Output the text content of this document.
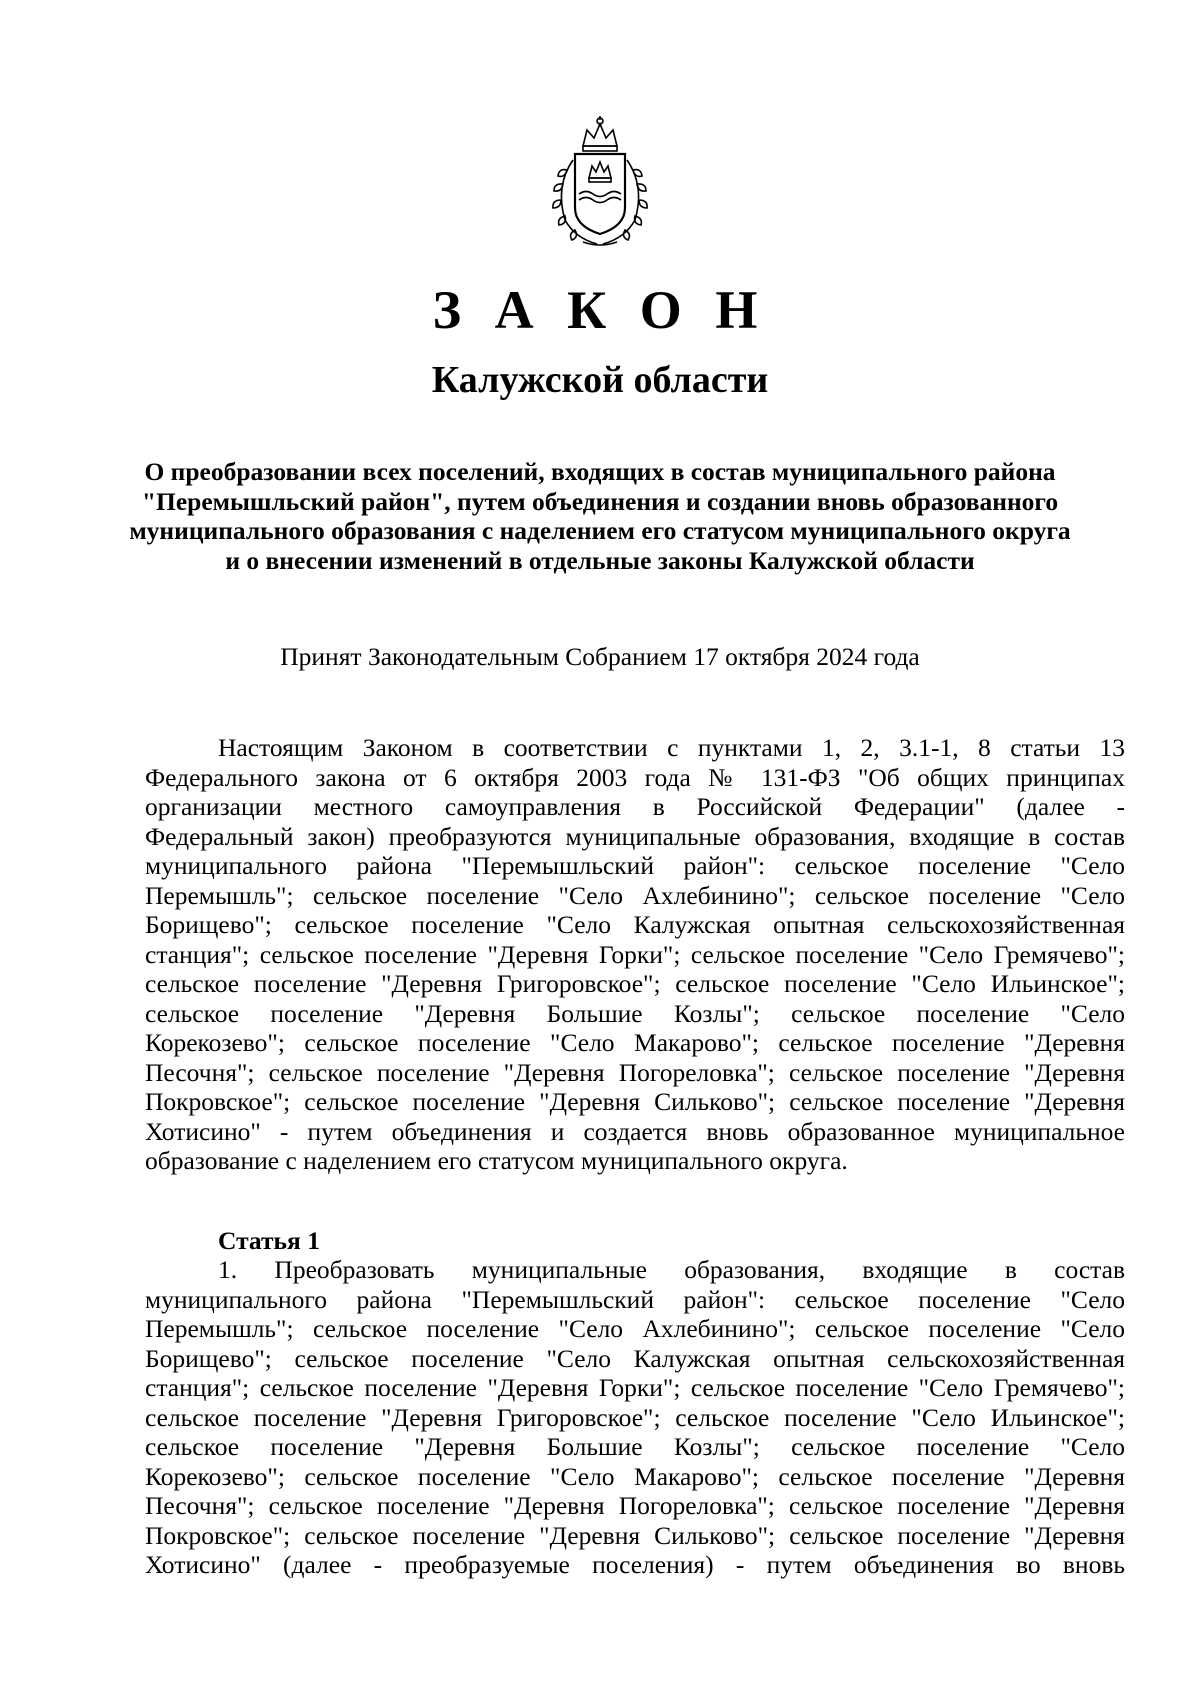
З А К О Н
Калужской области
О преобразовании всех поселений, входящих в состав муниципального района
"Перемышльский район", путем объединения и создании вновь образованного
муниципального образования с наделением его статусом муниципального округа
и о внесении изменений в отдельные законы Калужской области

Принят Законодательным Собранием 17 октября 2024 года

Настоящим Законом в соответствии с пунктами 1, 2, 3.1-1, 8 статьи 13
Федерального закона от 6 октября 2003 года № 131-ФЗ "Об общих принципах
организации местного самоуправления в Российской Федерации" (далее -
Федеральный закон) преобразуются муниципальные образования, входящие в состав
муниципального района "Перемышльский район": сельское поселение "Село
Перемышль"; сельское поселение "Село Ахлебинино"; сельское поселение "Село
Борищево"; сельское поселение "Село Калужская опытная сельскохозяйственная
станция"; сельское поселение "Деревня Горки"; сельское поселение "Село Гремячево";
сельское поселение "Деревня Григоровское"; сельское поселение "Село Ильинское";
сельское поселение "Деревня Большие Козлы"; сельское поселение "Село
Корекозево"; сельское поселение "Село Макарово"; сельское поселение "Деревня
Песочня"; сельское поселение "Деревня Погореловка"; сельское поселение "Деревня
Покровское"; сельское поселение "Деревня Сильково"; сельское поселение "Деревня
Хотисино" - путем объединения и создается вновь образованное муниципальное
образование с наделением его статусом муниципального округа.
Статья 1
1. Преобразовать муниципальные образования, входящие в состав
муниципального района "Перемышльский район": сельское поселение "Село
Перемышль"; сельское поселение "Село Ахлебинино"; сельское поселение "Село
Борищево"; сельское поселение "Село Калужская опытная сельскохозяйственная
станция"; сельское поселение "Деревня Горки"; сельское поселение "Село Гремячево";
сельское поселение "Деревня Григоровское"; сельское поселение "Село Ильинское";
сельское поселение "Деревня Большие Козлы"; сельское поселение "Село
Корекозево"; сельское поселение "Село Макарово"; сельское поселение "Деревня
Песочня"; сельское поселение "Деревня Погореловка"; сельское поселение "Деревня
Покровское"; сельское поселение "Деревня Сильково"; сельское поселение "Деревня
Хотисино" (далее - преобразуемые поселения) - путем объединения во вновь
